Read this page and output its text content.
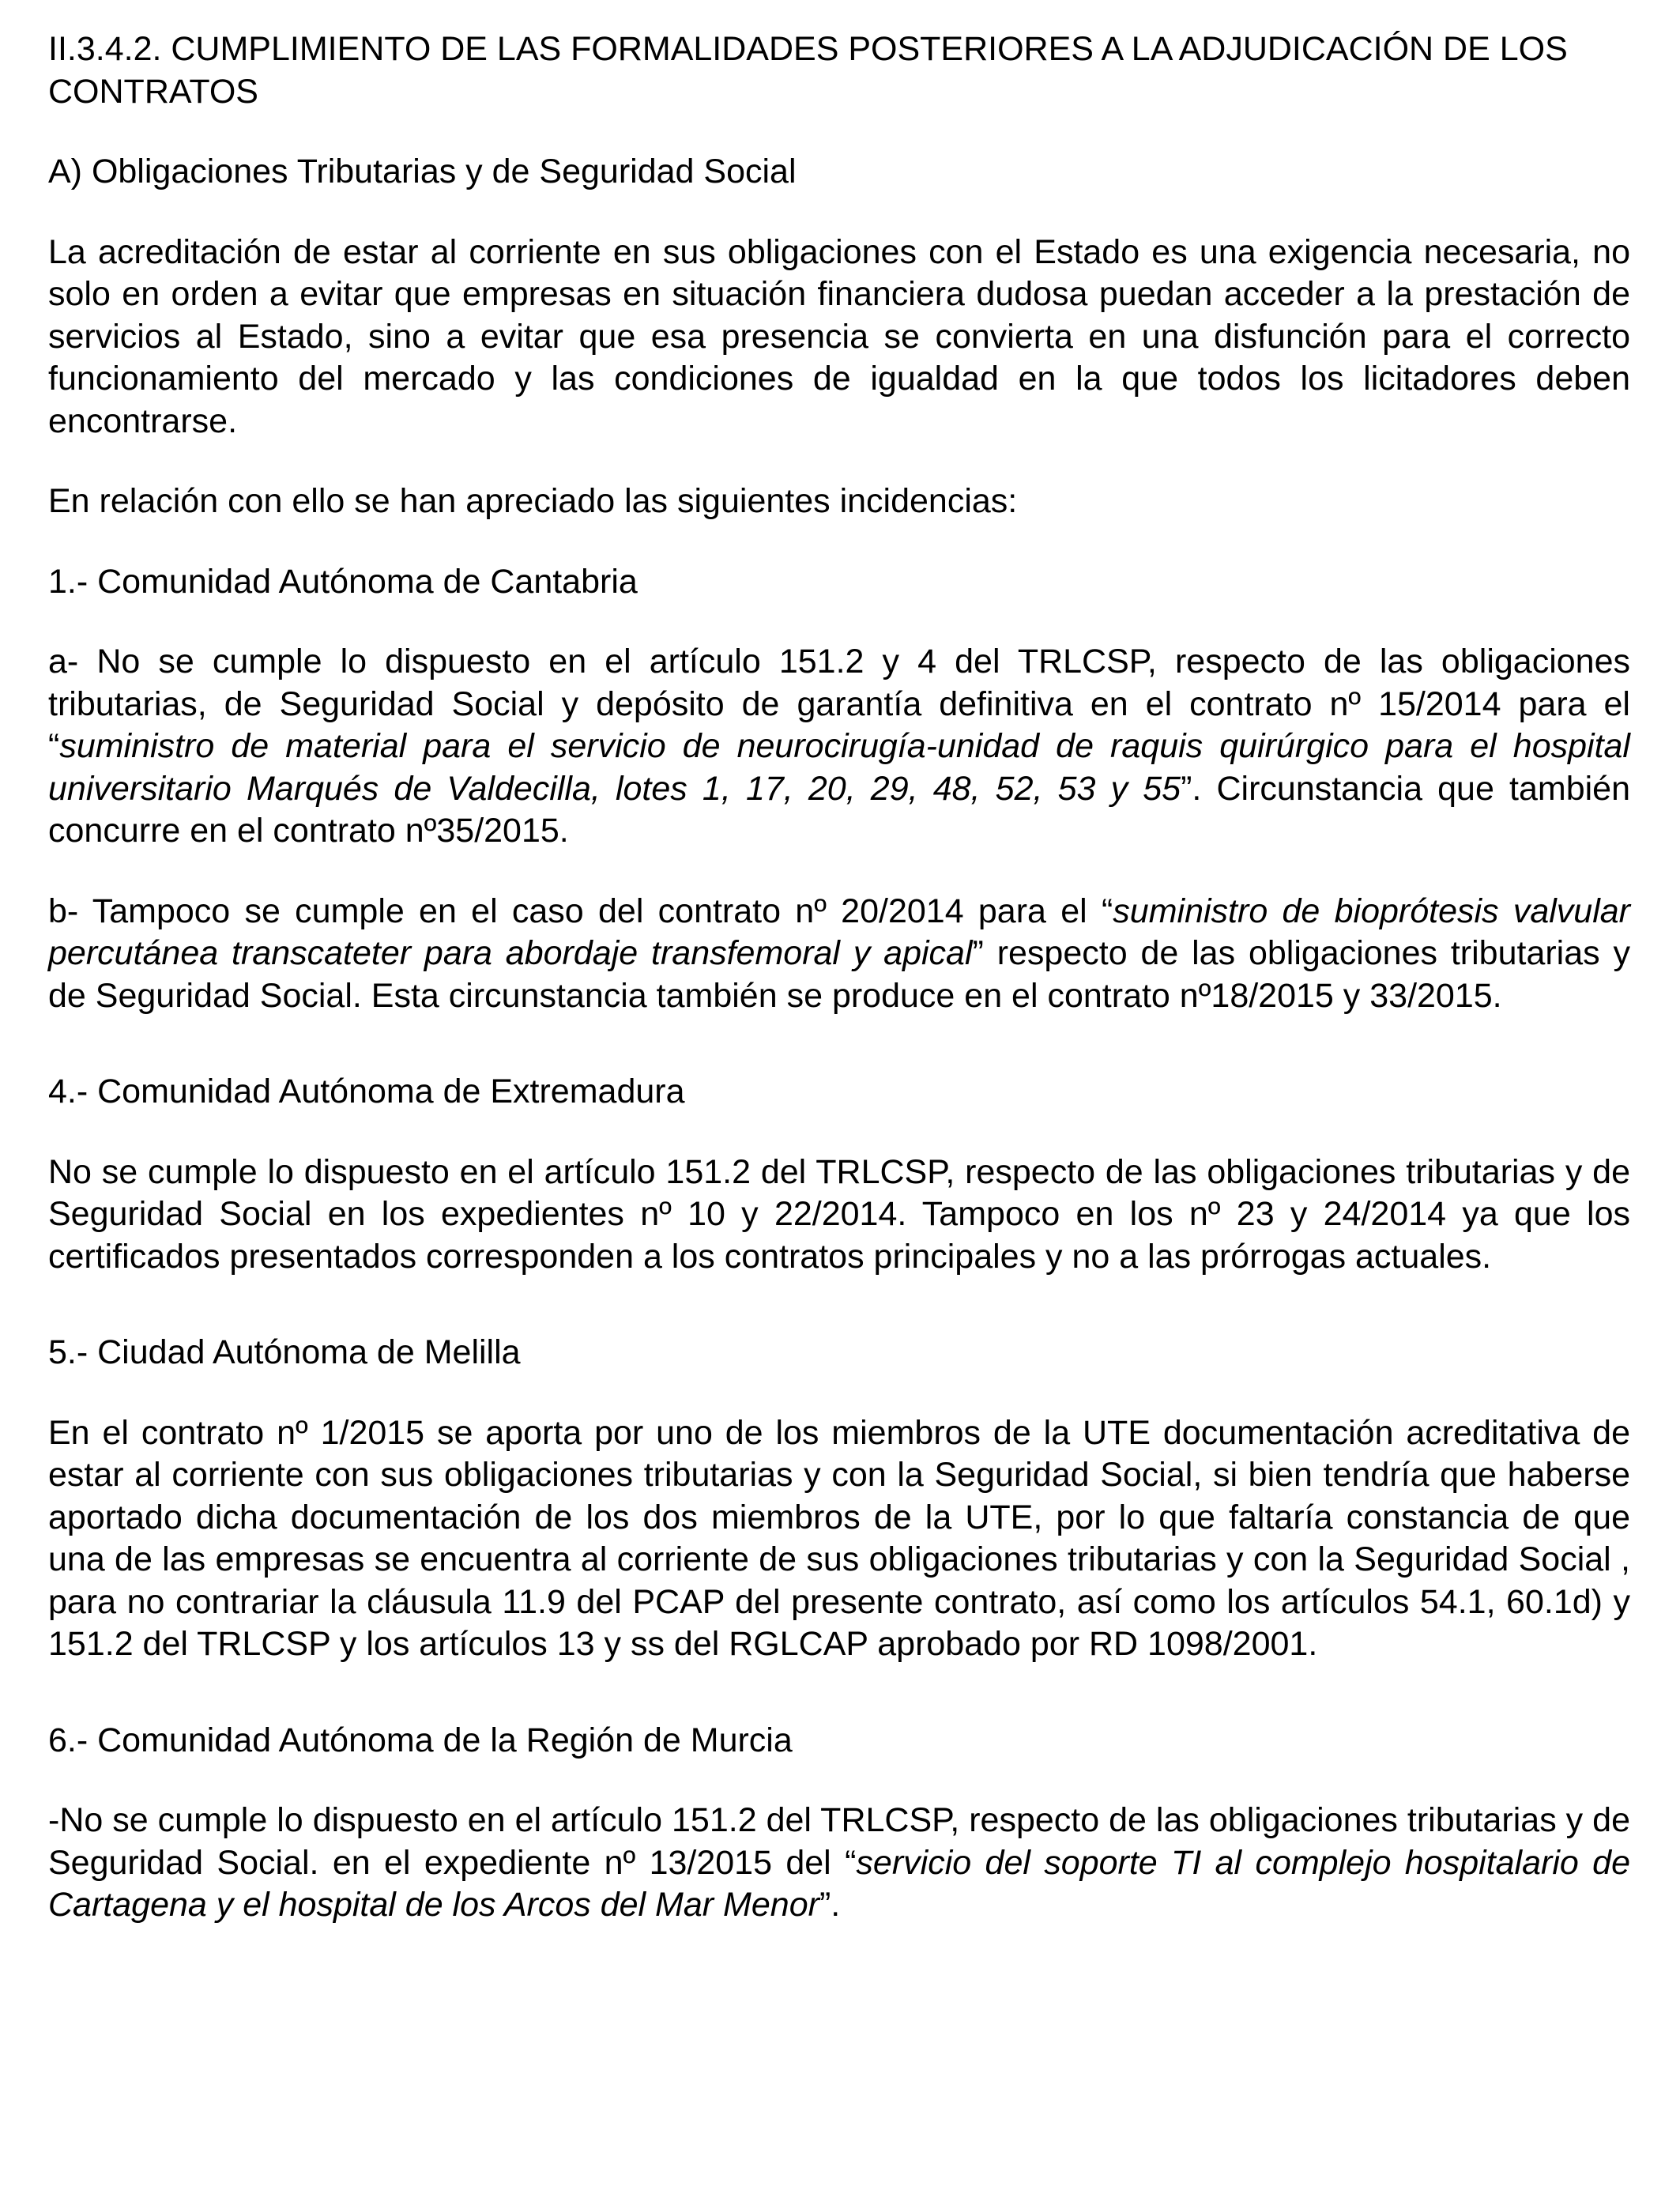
II.3.4.2. CUMPLIMIENTO DE LAS FORMALIDADES POSTERIORES A LA ADJUDICACIÓN DE LOS CONTRATOS

A) Obligaciones Tributarias y de Seguridad Social

La acreditación de estar al corriente en sus obligaciones con el Estado es una exigencia necesaria, no solo en orden a evitar que empresas en situación financiera dudosa puedan acceder a la prestación de servicios al Estado, sino a evitar que esa presencia se convierta en una disfunción para el correcto funcionamiento del mercado y las condiciones de igualdad en la que todos los licitadores deben encontrarse.

En relación con ello se han apreciado las siguientes incidencias:

1.- Comunidad Autónoma de Cantabria

a- No se cumple lo dispuesto en el artículo 151.2 y 4 del TRLCSP, respecto de las obligaciones tributarias, de Seguridad Social y depósito de garantía definitiva en el contrato nº 15/2014 para el “suministro de material para el servicio de neurocirugía-unidad de raquis quirúrgico para el hospital universitario Marqués de Valdecilla, lotes 1, 17, 20, 29, 48, 52, 53 y 55”. Circunstancia que también concurre en el contrato nº35/2015.

b- Tampoco se cumple en el caso del contrato nº 20/2014 para el “suministro de bioprótesis valvular percutánea transcateter para abordaje transfemoral y apical” respecto de las obligaciones tributarias y de Seguridad Social. Esta circunstancia también se produce en el contrato nº18/2015 y 33/2015.

4.- Comunidad Autónoma de Extremadura

No se cumple lo dispuesto en el artículo 151.2 del TRLCSP, respecto de las obligaciones tributarias y de Seguridad Social en los expedientes nº 10 y 22/2014. Tampoco en los nº 23 y 24/2014 ya que los certificados presentados corresponden a los contratos principales y no a las prórrogas actuales.

5.- Ciudad Autónoma de Melilla

En el contrato nº 1/2015 se aporta por uno de los miembros de la UTE documentación acreditativa de estar al corriente con sus obligaciones tributarias y con la Seguridad Social, si bien tendría que haberse aportado dicha documentación de los dos miembros de la UTE, por lo que faltaría constancia de que una de las empresas se encuentra al corriente de sus obligaciones tributarias y con la Seguridad Social , para no contrariar la cláusula 11.9 del PCAP del presente contrato, así como los artículos 54.1, 60.1d) y 151.2 del TRLCSP y los artículos 13 y ss del RGLCAP aprobado por RD 1098/2001.

6.- Comunidad Autónoma de la Región de Murcia

-No se cumple lo dispuesto en el artículo 151.2 del TRLCSP, respecto de las obligaciones tributarias y de Seguridad Social. en el expediente nº 13/2015 del “servicio del soporte TI al complejo hospitalario de Cartagena y el hospital de los Arcos del Mar Menor”.
